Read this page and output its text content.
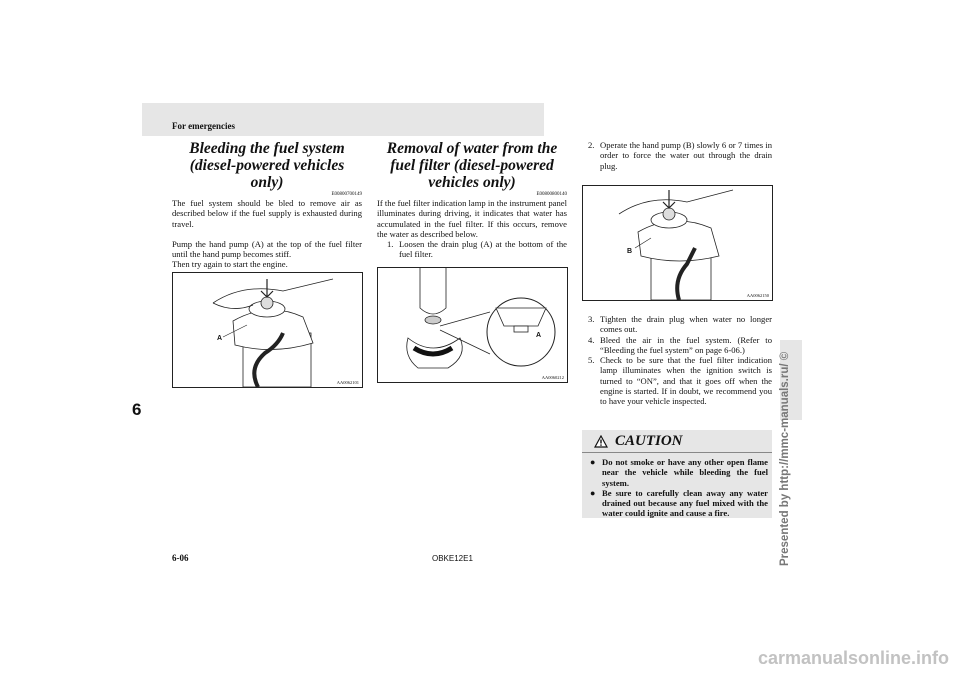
For emergencies
Bleeding the fuel system (diesel-powered vehicles only)
E00800700149

The fuel system should be bled to remove air as described below if the fuel supply is exhausted during travel.

Pump the hand pump (A) at the top of the fuel filter until the hand pump becomes stiff.

Then try again to start the engine.

A
AA0062101
Removal of water from the fuel filter (diesel-powered vehicles only)
E00800800140

If the fuel filter indication lamp in the instrument panel illuminates during driving, it indicates that water has accumulated in the fuel filter. If this occurs, remove the water as described below.

1. Loosen the drain plug (A) at the bottom of the fuel filter.
A
AA0060212
2. Operate the hand pump (B) slowly 6 or 7 times in order to force the water out through the drain plug.
B
AA0062150
3. Tighten the drain plug when water no longer comes out.
4. Bleed the air in the fuel system. (Refer to “Bleeding the fuel system” on page 6-06.)
5. Check to be sure that the fuel filter indication lamp illuminates when the ignition switch is turned to “ON”, and that it goes off when the engine is started. If in doubt, we recommend you to have your vehicle inspected.
CAUTION
● Do not smoke or have any other open flame near the vehicle while bleeding the fuel system.
● Be sure to carefully clean away any water drained out because any fuel mixed with the water could ignite and cause a fire.
6
6-06	OBKE12E1	Presented by http://mmc-manuals.ru/ ©
carmanualsonline.info
